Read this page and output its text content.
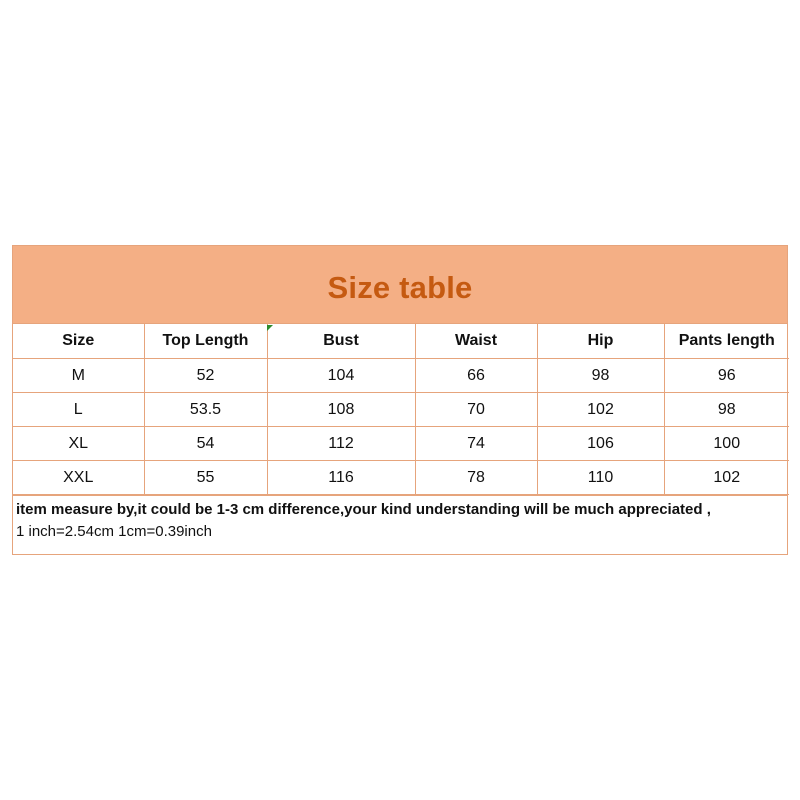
Size table
Size	Top Length	Bust	Waist	Hip	Pants length
M	52	104	66	98	96
L	53.5	108	70	102	98
XL	54	112	74	106	100
XXL	55	116	78	110	102
item measure by,it could be 1-3 cm difference,your kind understanding will be much appreciated ,
1 inch=2.54cm 1cm=0.39inch
